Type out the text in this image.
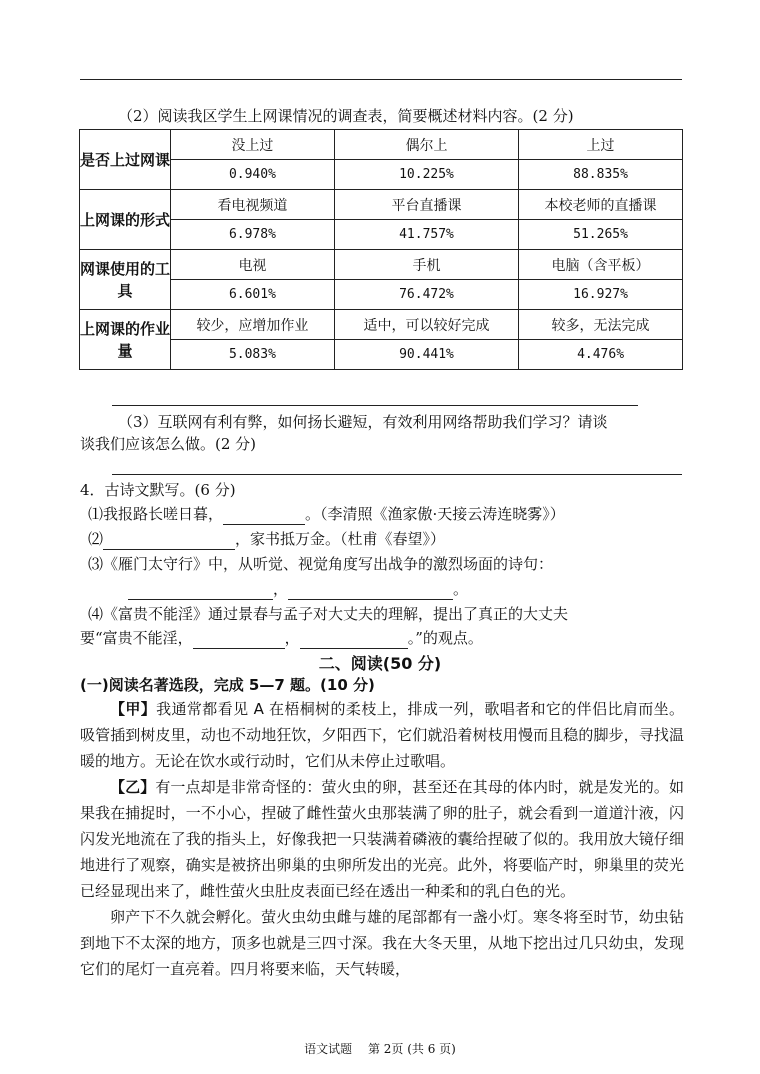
（2）阅读我区学生上网课情况的调查表，简要概述材料内容。(2 分)
是否上过网课	没上过	偶尔上	上过
	0.940%	10.225%	88.835%
上网课的形式	看电视频道	平台直播课	本校老师的直播课
	6.978%	41.757%	51.265%
网课使用的工具	电视	手机	电脑（含平板）
	6.601%	76.472%	16.927%
上网课的作业量	较少，应增加作业	适中，可以较好完成	较多，无法完成
	5.083%	90.441%	4.476%
（3）互联网有利有弊，如何扬长避短，有效利用网络帮助我们学习？请谈
谈我们应该怎么做。(2 分)
4．古诗文默写。(6 分)
⑴我报路长嗟日暮，	。（李清照《渔家傲·天接云涛连晓雾》）
⑵	，家书抵万金。（杜甫《春望》）
⑶《雁门太守行》中，从听觉、视觉角度写出战争的激烈场面的诗句：
，	。
⑷《富贵不能淫》通过景春与孟子对大丈夫的理解，提出了真正的大丈夫
要“富贵不能淫，	，	。”的观点。
二、阅读(50 分)
(一)阅读名著选段，完成 5—7 题。(10 分)
【甲】我通常都看见 A 在梧桐树的柔枝上，排成一列，歌唱者和它的伴侣比肩而坐。吸管插到树皮里，动也不动地狂饮，夕阳西下，它们就沿着树枝用慢而且稳的脚步，寻找温暖的地方。无论在饮水或行动时，它们从未停止过歌唱。
【乙】有一点却是非常奇怪的：萤火虫的卵，甚至还在其母的体内时，就是发光的。如果我在捕捉时，一不小心，捏破了雌性萤火虫那装满了卵的肚子，就会看到一道道汁液，闪闪发光地流在了我的指头上，好像我把一只装满着磷液的囊给捏破了似的。我用放大镜仔细地进行了观察，确实是被挤出卵巢的虫卵所发出的光亮。此外，将要临产时，卵巢里的荧光已经显现出来了，雌性萤火虫肚皮表面已经在透出一种柔和的乳白色的光。
卵产下不久就会孵化。萤火虫幼虫雌与雄的尾部都有一盏小灯。寒冬将至时节，幼虫钻到地下不太深的地方，顶多也就是三四寸深。我在大冬天里，从地下挖出过几只幼虫，发现它们的尾灯一直亮着。四月将要来临，天气转暖，
语文试题　 第 2页 (共 6 页)
